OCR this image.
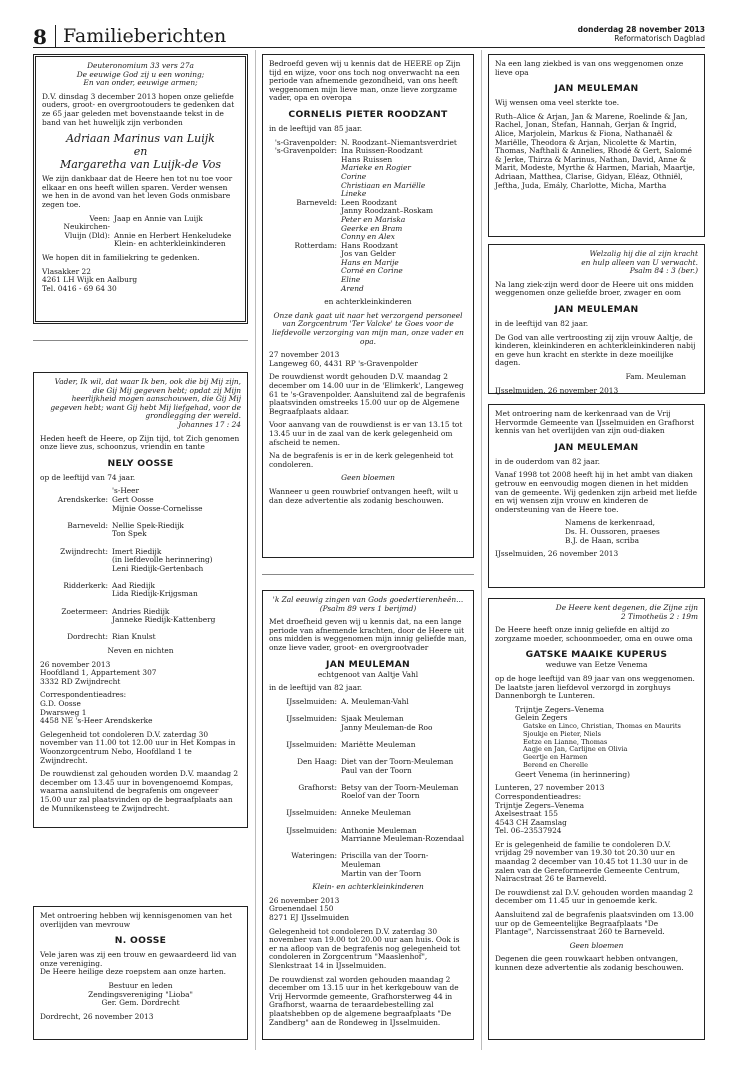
8 Familieberichten	donderdag 28 november 2013
Reformatorisch Dagblad
Deuteronomium 33 vers 27a
De eeuwige God zij u een woning;
En van onder, eeuwige armen;

D.V. dinsdag 3 december 2013 hopen onze geliefde ouders, groot- en overgrootouders te gedenken dat ze 65 jaar geleden met bovenstaande tekst in de band van het huwelijk zijn verbonden

Adriaan Marinus van Luijk
en
Margaretha van Luijk-de Vos

We zijn dankbaar dat de Heere hen tot nu toe voor elkaar en ons heeft willen sparen. Verder wensen we hen in de avond van het leven Gods onmisbare zegen toe.

Veen:	Jaap en Annie van Luijk
Neukirchen-	
Vluijn (Dld):	Annie en Herbert Henkeludeke
	Klein- en achterkleinkinderen

We hopen dit in familiekring te gedenken.

Vlasakker 22
4261 LH Wijk en Aalburg
Tel. 0416 - 69 64 30
Vader, Ik wil, dat waar Ik ben, ook die bij Mij zijn, die Gij Mij gegeven hebt; opdat zij Mijn heerlijkheid mogen aanschouwen, die Gij Mij gegeven hebt; want Gij hebt Mij liefgehad, voor de grondlegging der wereld.
Johannes 17 : 24

Heden heeft de Heere, op Zijn tijd, tot Zich genomen onze lieve zus, schoonzus, vriendin en tante

NELY OOSSE

op de leeftijd van 74 jaar.

	's-Heer
Arendskerke:	Gert Oosse
	Mijnie Oosse-Cornelisse

Barneveld:	Nellie Spek-Riedijk
	Ton Spek

Zwijndrecht:	Imert Riedijk
	(in liefdevolle herinnering)
	Leni Riedijk-Gertenbach

Ridderkerk:	Aad Riedijk
	Lida Riedijk-Krijgsman

Zoetermeer:	Andries Riedijk
	Janneke Riedijk-Kattenberg

Dordrecht:	Rian Knulst

Neven en nichten

26 november 2013
Hoofdland 1, Appartement 307
3332 RD Zwijndrecht

Correspondentieadres:
G.D. Oosse
Dwarsweg 1
4458 NE 's-Heer Arendskerke

Gelegenheid tot condoleren D.V. zaterdag 30 november van 11.00 tot 12.00 uur in Het Kompas in Woonzorgcentrum Nebo, Hoofdland 1 te Zwijndrecht.

De rouwdienst zal gehouden worden D.V. maandag 2 december om 13.45 uur in bovengenoemd Kompas, waarna aansluitend de begrafenis om ongeveer 15.00 uur zal plaatsvinden op de begraafplaats aan de Munnikensteeg te Zwijndrecht.

Met ontroering hebben wij kennisgenomen van het overlijden van mevrouw

N. OOSSE

Vele jaren was zij een trouw en gewaardeerd lid van onze vereniging.
De Heere heilige deze roepstem aan onze harten.

Bestuur en leden
Zendingsvereniging "Lioba"
Ger. Gem. Dordrecht

Dordrecht, 26 november 2013

Bedroefd geven wij u kennis dat de HEERE op Zijn tijd en wijze, voor ons toch nog onverwacht na een periode van afnemende gezondheid, van ons heeft weggenomen mijn lieve man, onze lieve zorgzame vader, opa en overopa

CORNELIS PIETER ROODZANT

in de leeftijd van 85 jaar.

's-Gravenpolder:	N. Roodzant–Niemantsverdriet
's-Gravenpolder:	Ina Ruissen-Roodzant
	Hans Ruissen
	Marieke en Rogier
	Corine
	Christiaan en Mariëlle
	Lineke
Barneveld:	Leen Roodzant
	Janny Roodzant–Roskam
	Peter en Mariska
	Geerke en Bram
	Conny en Alex
Rotterdam:	Hans Roodzant
	Jos van Gelder
	Hans en Marije
	Corné en Corine
	Eline
	Arend

en achterkleinkinderen

Onze dank gaat uit naar het verzorgend personeel van Zorgcentrum 'Ter Valcke' te Goes voor de liefdevolle verzorging van mijn man, onze vader en opa.

27 november 2013
Langeweg 60, 4431 RP 's-Gravenpolder

De rouwdienst wordt gehouden D.V. maandag 2 december om 14.00 uur in de 'Elimkerk', Langeweg 61 te 's-Gravenpolder. Aansluitend zal de begrafenis plaatsvinden omstreeks 15.00 uur op de Algemene Begraafplaats aldaar.

Voor aanvang van de rouwdienst is er van 13.15 tot 13.45 uur in de zaal van de kerk gelegenheid om afscheid te nemen.

Na de begrafenis is er in de kerk gelegenheid tot condoleren.

Geen bloemen

Wanneer u geen rouwbrief ontvangen heeft, wilt u dan deze advertentie als zodanig beschouwen.

'k Zal eeuwig zingen van Gods goedertierenheên...
(Psalm 89 vers 1 berijmd)

Met droefheid geven wij u kennis dat, na een lange periode van afnemende krachten, door de Heere uit ons midden is weggenomen mijn innig geliefde man, onze lieve vader, groot- en overgrootvader

JAN MEULEMAN

echtgenoot van Aaltje Vahl

in de leeftijd van 82 jaar.

IJsselmuiden:	A. Meuleman-Vahl

IJsselmuiden:	Sjaak Meuleman
	Janny Meuleman-de Roo

IJsselmuiden:	Mariëtte Meuleman

Den Haag:	Diet van der Toorn-Meuleman
	Paul van der Toorn

Grafhorst:	Betsy van der Toorn-Meuleman
	Roelof van der Toorn

IJsselmuiden:	Anneke Meuleman

IJsselmuiden:	Anthonie Meuleman
	Marrianne Meuleman-Rozendaal

Wateringen:	Priscilla van der Toorn-Meuleman
	Martin van der Toorn

Klein- en achterkleinkinderen

26 november 2013
Groenendael 150
8271 EJ IJsselmuiden

Gelegenheid tot condoleren D.V. zaterdag 30 november van 19.00 tot 20.00 uur aan huis. Ook is er na afloop van de begrafenis nog gelegenheid tot condoleren in Zorgcentrum "Maaslenhof", Slenkstraat 14 in IJsselmuiden.

De rouwdienst zal worden gehouden maandag 2 december om 13.15 uur in het kerkgebouw van de Vrij Hervormde gemeente, Grafhorsterweg 44 in Grafhorst, waarna de teraardebestelling zal plaatshebben op de algemene begraafplaats "De Zandberg" aan de Rondeweg in IJsselmuiden.

Na een lang ziekbed is van ons weggenomen onze lieve opa

JAN MEULEMAN

Wij wensen oma veel sterkte toe.

Ruth–Alice & Arjan, Jan & Marene, Roelinde & Jan, Rachel, Jonan, Stefan, Hannah, Gerjan & Ingrid, Alice, Marjolein, Markus & Fiona, Nathanaël & Mariëlle, Theodora & Arjan, Nicolette & Martin, Thomas, Nafthali & Annelies, Rhodé & Gert, Salomé & Jerke, Thirza & Marinus, Nathan, David, Anne & Marit, Modeste, Myrthe & Harmen, Mariah, Maartje, Adriaan, Matthea, Clarise, Gidyan, Eléaz, Othniël, Jeftha, Juda, Emály, Charlotte, Micha, Martha

Welzalig hij die al zijn kracht
en hulp alleen van U verwacht.
Psalm 84 : 3 (ber.)

Na lang ziek-zijn werd door de Heere uit ons midden weggenomen onze geliefde broer, zwager en oom

JAN MEULEMAN

in de leeftijd van 82 jaar.

De God van alle vertroosting zij zijn vrouw Aaltje, de kinderen, kleinkinderen en achterkleinkinderen nabij en geve hun kracht en sterkte in deze moeilijke dagen.

Fam. Meuleman

IJsselmuiden, 26 november 2013

Met ontroering nam de kerkenraad van de Vrij Hervormde Gemeente van IJsselmuiden en Grafhorst kennis van het overlijden van zijn oud-diaken

JAN MEULEMAN

in de ouderdom van 82 jaar.

Vanaf 1998 tot 2008 heeft hij in het ambt van diaken getrouw en eenvoudig mogen dienen in het midden van de gemeente. Wij gedenken zijn arbeid met liefde en wij wensen zijn vrouw en kinderen de ondersteuning van de Heere toe.

Namens de kerkenraad,
Ds. H. Oussoren, praeses
B.J. de Haan, scriba

IJsselmuiden, 26 november 2013

De Heere kent degenen, die Zijne zijn
2 Timotheüs 2 : 19m

De Heere heeft onze innig geliefde en altijd zo zorgzame moeder, schoonmoeder, oma en ouwe oma

GATSKE MAAIKE KUPERUS

weduwe van Eetze Venema

op de hoge leeftijd van 89 jaar van ons weggenomen.
De laatste jaren liefdevol verzorgd in zorghuys Dannenborgh te Lunteren.

Trijntje Zegers–Venema
Gelein Zegers
Gatske en Linco, Christian, Thomas en Maurits
Sjoukje en Pieter, Niels
Eetze en Lianne, Thomas
Aagje en Jan, Carlijne en Olivia
Geertje en Harmen
Berend en Cherelle

Geert Venema (in herinnering)

Lunteren, 27 november 2013
Correspondentieadres:
Trijntje Zegers–Venema
Axelsestraat 155
4543 CH Zaamslag
Tel. 06–23537924

Er is gelegenheid de familie te condoleren D.V. vrijdag 29 november van 19.30 tot 20.30 uur en maandag 2 december van 10.45 tot 11.30 uur in de zalen van de Gereformeerde Gemeente Centrum, Nairacstraat 26 te Barneveld.

De rouwdienst zal D.V. gehouden worden maandag 2 december om 11.45 uur in genoemde kerk.

Aansluitend zal de begrafenis plaatsvinden om 13.00 uur op de Gemeentelijke Begraafplaats "De Plantage", Narcissenstraat 260 te Barneveld.

Geen bloemen

Degenen die geen rouwkaart hebben ontvangen, kunnen deze advertentie als zodanig beschouwen.
